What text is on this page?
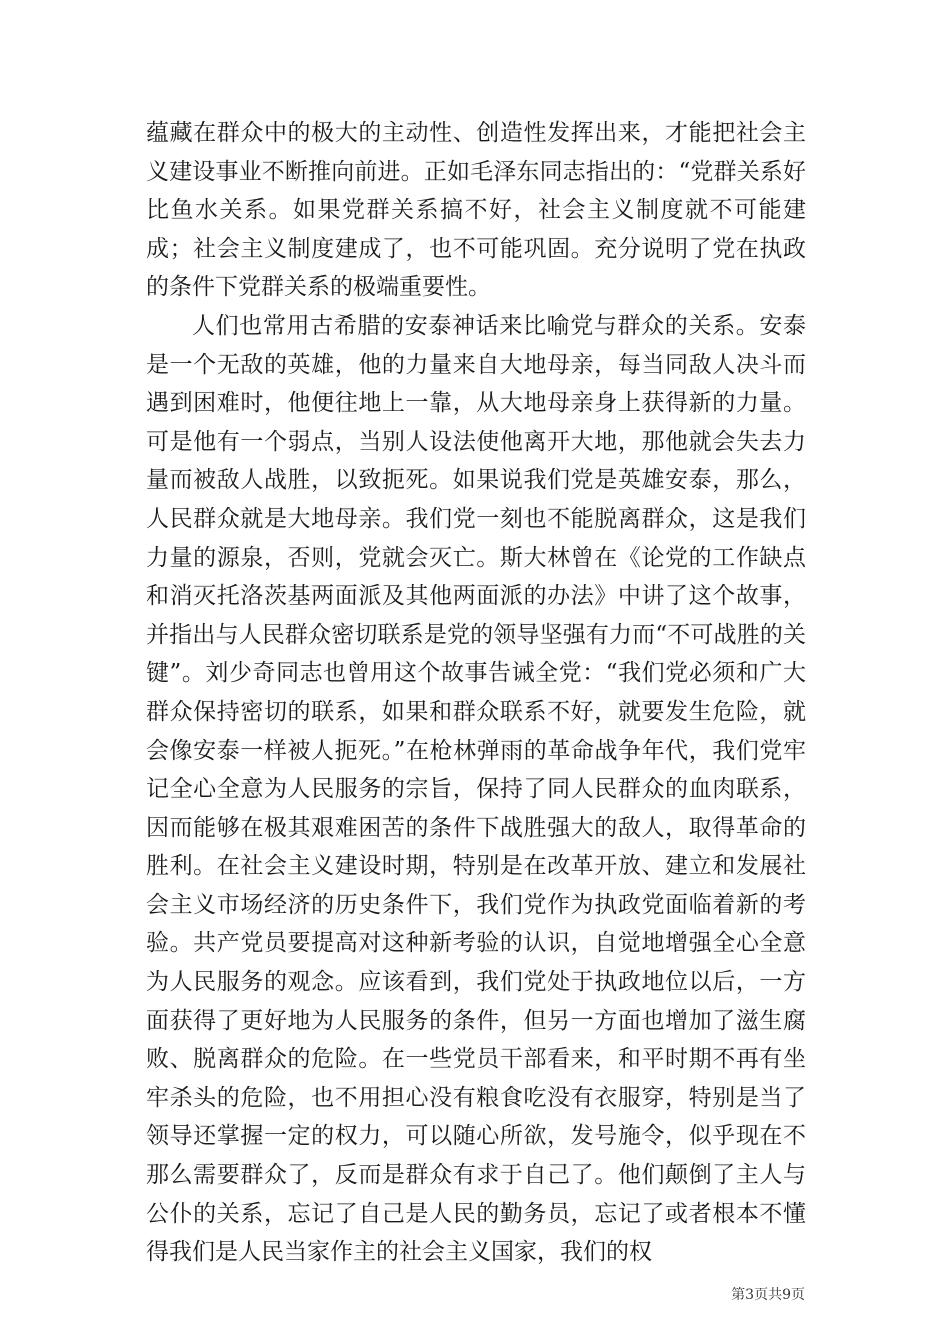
蕴藏在群众中的极大的主动性、创造性发挥出来，才能把社会主义建设事业不断推向前进。正如毛泽东同志指出的：“党群关系好比鱼水关系。如果党群关系搞不好，社会主义制度就不可能建成；社会主义制度建成了，也不可能巩固。充分说明了党在执政的条件下党群关系的极端重要性。

人们也常用古希腊的安泰神话来比喻党与群众的关系。安泰是一个无敌的英雄，他的力量来自大地母亲，每当同敌人决斗而遇到困难时，他便往地上一靠，从大地母亲身上获得新的力量。可是他有一个弱点，当别人设法使他离开大地，那他就会失去力量而被敌人战胜，以致扼死。如果说我们党是英雄安泰，那么，人民群众就是大地母亲。我们党一刻也不能脱离群众，这是我们力量的源泉，否则，党就会灭亡。斯大林曾在《论党的工作缺点和消灭托洛茨基两面派及其他两面派的办法》中讲了这个故事，并指出与人民群众密切联系是党的领导坚强有力而“不可战胜的关键”。刘少奇同志也曾用这个故事告诫全党：“我们党必须和广大群众保持密切的联系，如果和群众联系不好，就要发生危险，就会像安泰一样被人扼死。”在枪林弹雨的革命战争年代，我们党牢记全心全意为人民服务的宗旨，保持了同人民群众的血肉联系，因而能够在极其艰难困苦的条件下战胜强大的敌人，取得革命的胜利。在社会主义建设时期，特别是在改革开放、建立和发展社会主义市场经济的历史条件下，我们党作为执政党面临着新的考验。共产党员要提高对这种新考验的认识，自觉地增强全心全意为人民服务的观念。应该看到，我们党处于执政地位以后，一方面获得了更好地为人民服务的条件，但另一方面也增加了滋生腐败、脱离群众的危险。在一些党员干部看来，和平时期不再有坐牢杀头的危险，也不用担心没有粮食吃没有衣服穿，特别是当了领导还掌握一定的权力，可以随心所欲，发号施令，似乎现在不那么需要群众了，反而是群众有求于自己了。他们颠倒了主人与公仆的关系，忘记了自己是人民的勤务员，忘记了或者根本不懂得我们是人民当家作主的社会主义国家，我们的权

第3页共9页
